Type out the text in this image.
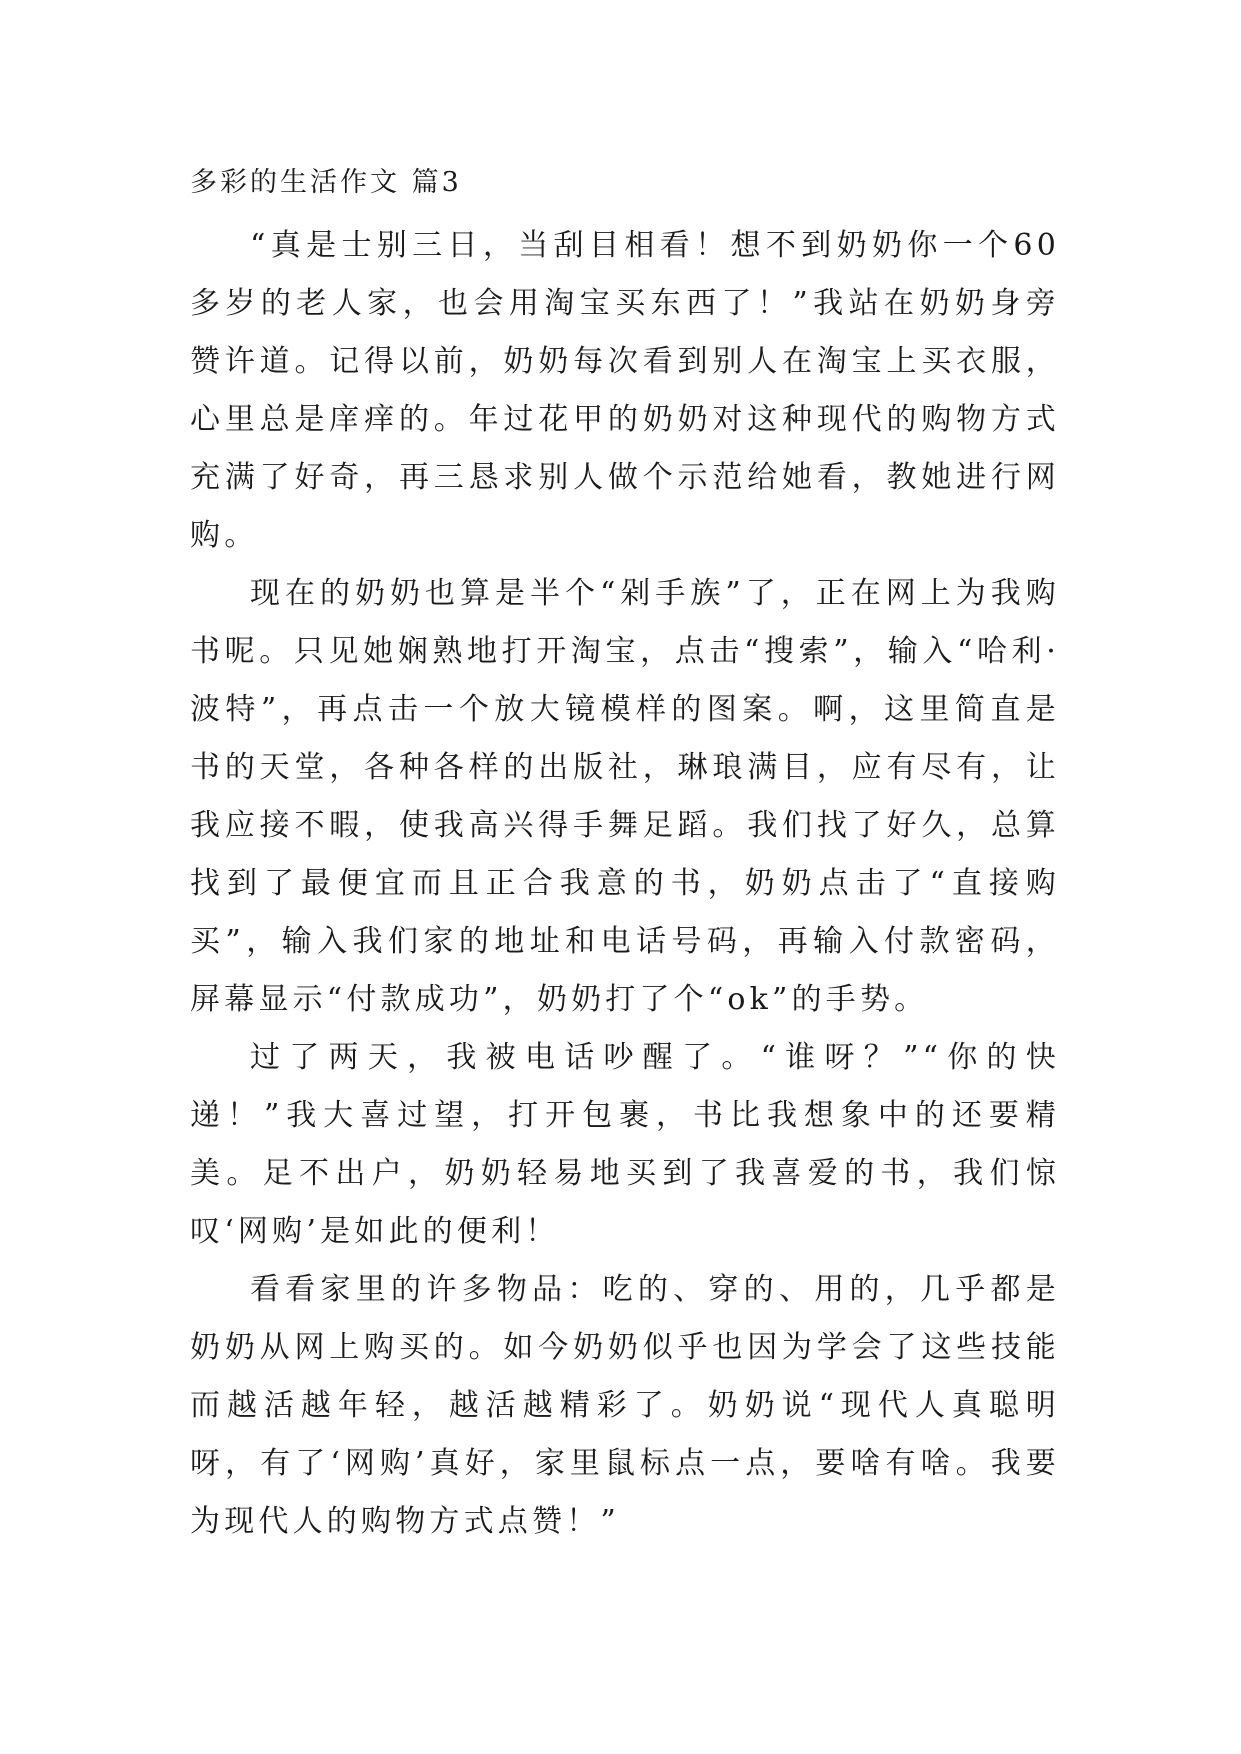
多彩的生活作文 篇3

“真是士别三日，当刮目相看！想不到奶奶你一个60多岁的老人家，也会用淘宝买东西了！”我站在奶奶身旁赞许道。记得以前，奶奶每次看到别人在淘宝上买衣服，心里总是庠痒的。年过花甲的奶奶对这种现代的购物方式充满了好奇，再三恳求别人做个示范给她看，教她进行网购。

现在的奶奶也算是半个“剁手族”了，正在网上为我购书呢。只见她娴熟地打开淘宝，点击“搜索”，输入“哈利·波特”，再点击一个放大镜模样的图案。啊，这里简直是书的天堂，各种各样的出版社，琳琅满目，应有尽有，让我应接不暇，使我高兴得手舞足蹈。我们找了好久，总算找到了最便宜而且正合我意的书，奶奶点击了“直接购买”，输入我们家的地址和电话号码，再输入付款密码，屏幕显示“付款成功”，奶奶打了个“ok”的手势。

过了两天，我被电话吵醒了。“谁呀？”“你的快递！”我大喜过望，打开包裹，书比我想象中的还要精美。足不出户，奶奶轻易地买到了我喜爱的书，我们惊叹‘网购’是如此的便利！

看看家里的许多物品：吃的、穿的、用的，几乎都是奶奶从网上购买的。如今奶奶似乎也因为学会了这些技能而越活越年轻，越活越精彩了。奶奶说“现代人真聪明呀，有了‘网购’真好，家里鼠标点一点，要啥有啥。我要为现代人的购物方式点赞！”
